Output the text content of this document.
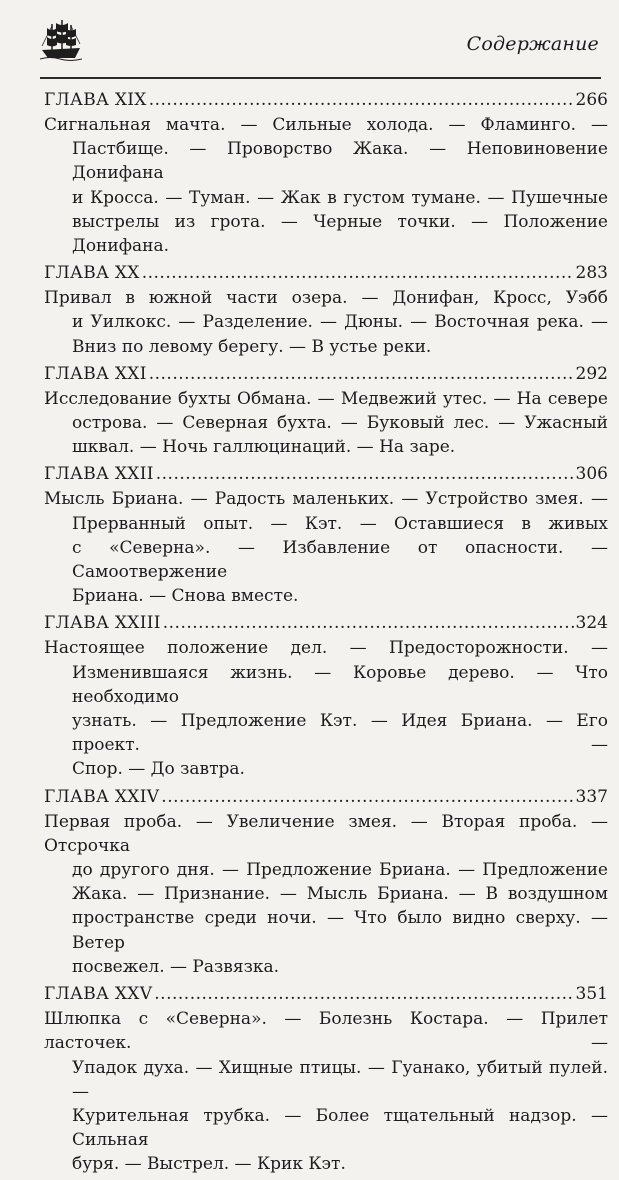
Содержание
ГЛАВА XIX .....	266
Сигнальная мачта. — Сильные холода. — Фламинго. —
Пастбище. — Проворство Жака. — Неповиновение Донифана
и Кросса. — Туман. — Жак в густом тумане. — Пушечные
выстрелы из грота. — Черные точки. — Положение
Донифана.
ГЛАВА XX .....	283
Привал в южной части озера. — Донифан, Кросс, Уэбб
и Уилкокс. — Разделение. — Дюны. — Восточная река. —
Вниз по левому берегу. — В устье реки.
ГЛАВА XXI .....	292
Исследование бухты Обмана. — Медвежий утес. — На севере
острова. — Северная бухта. — Буковый лес. — Ужасный
шквал. — Ночь галлюцинаций. — На заре.
ГЛАВА XXII .....	306
Мысль Бриана. — Радость маленьких. — Устройство змея. —
Прерванный опыт. — Кэт. — Оставшиеся в живых
с «Северна». — Избавление от опасности. — Самоотвержение
Бриана. — Снова вместе.
ГЛАВА XXIII .....	324
Настоящее положение дел. — Предосторожности. —
Изменившаяся жизнь. — Коровье дерево. — Что необходимо
узнать. — Предложение Кэт. — Идея Бриана. — Его проект. —
Спор. — До завтра.
ГЛАВА XXIV .....	337
Первая проба. — Увеличение змея. — Вторая проба. — Отсрочка
до другого дня. — Предложение Бриана. — Предложение
Жака. — Признание. — Мысль Бриана. — В воздушном
пространстве среди ночи. — Что было видно сверху. — Ветер
посвежел. — Развязка.
ГЛАВА XXV .....	351
Шлюпка с «Северна». — Болезнь Костара. — Прилет ласточек. —
Упадок духа. — Хищные птицы. — Гуанако, убитый пулей. —
Курительная трубка. — Более тщательный надзор. — Сильная
буря. — Выстрел. — Крик Кэт.
